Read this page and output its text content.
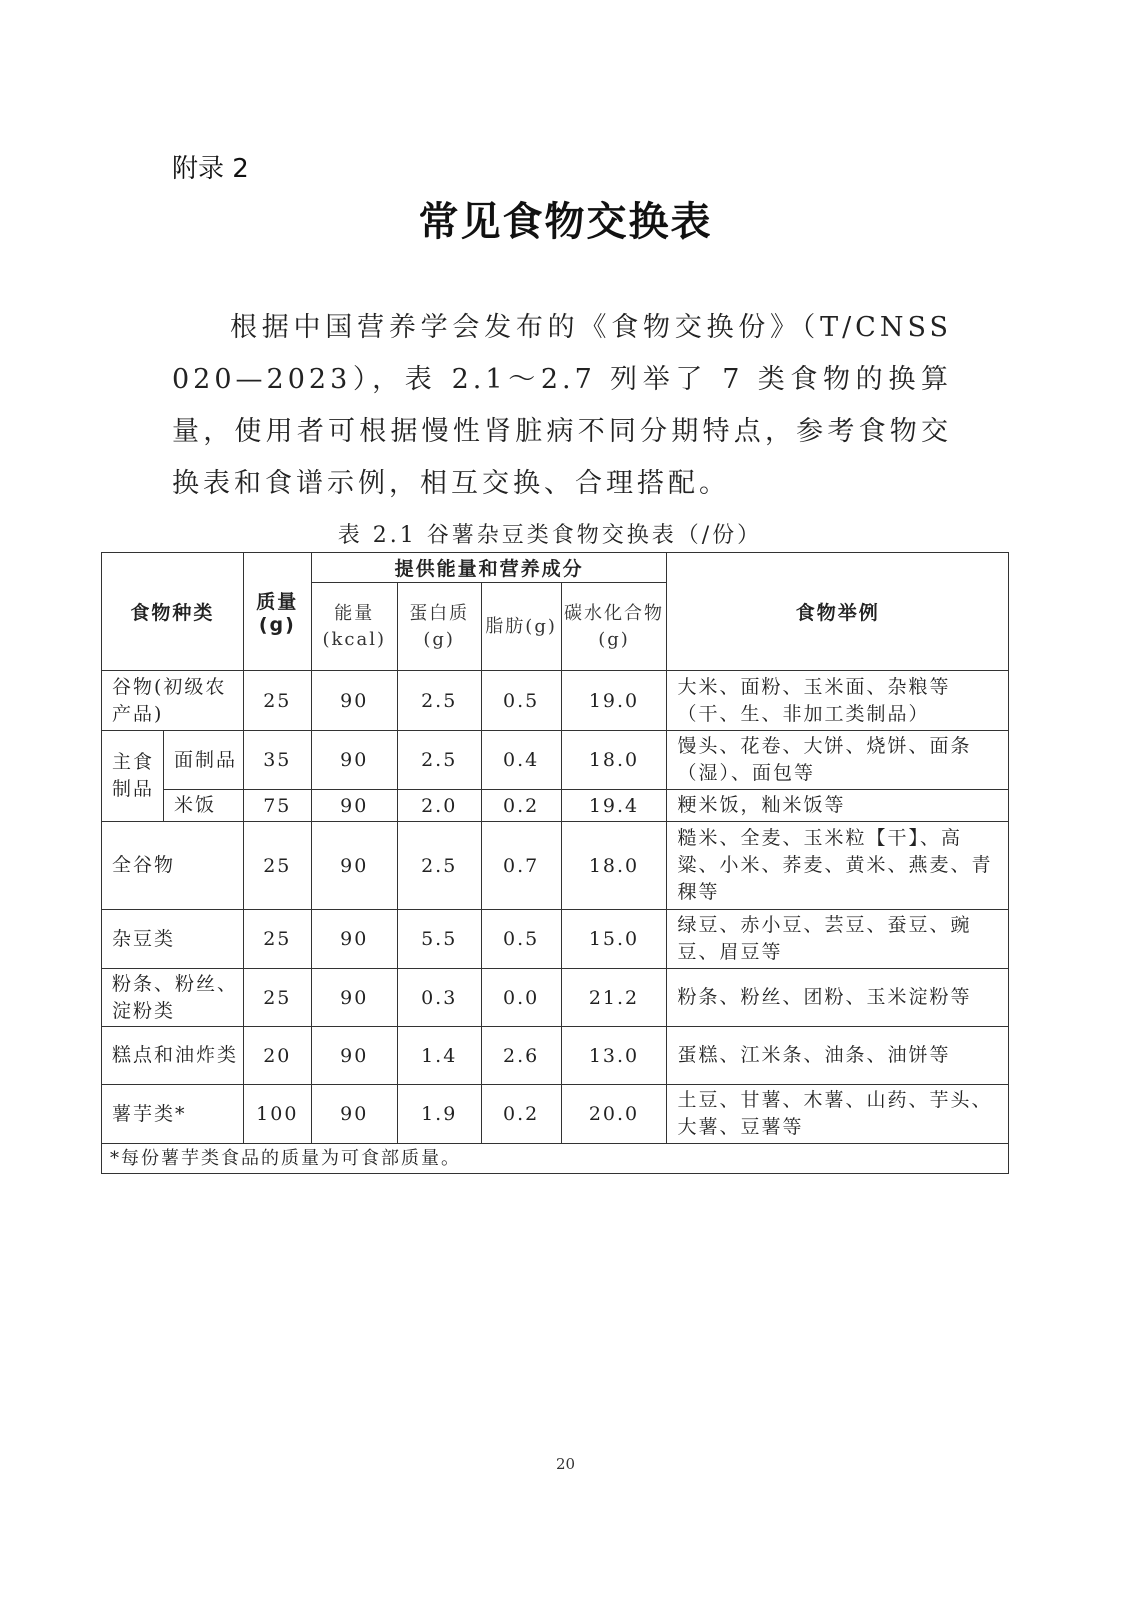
附录 2
常见食物交换表

根据中国营养学会发布的《食物交换份》（T/CNSS 020—2023），表 2.1～2.7 列举了 7 类食物的换算量，使用者可根据慢性肾脏病不同分期特点，参考食物交换表和食谱示例，相互交换、合理搭配。

表 2.1 谷薯杂豆类食物交换表（/份）
食物种类		质量(g)	提供能量和营养成分				食物举例
			能量(kcal)	蛋白质(g)	脂肪(g)	碳水化合物(g)	
谷物(初级农产品)		25	90	2.5	0.5	19.0	大米、面粉、玉米面、杂粮等（干、生、非加工类制品）
主食制品	面制品	35	90	2.5	0.4	18.0	馒头、花卷、大饼、烧饼、面条（湿）、面包等
	米饭	75	90	2.0	0.2	19.4	粳米饭，籼米饭等
全谷物		25	90	2.5	0.7	18.0	糙米、全麦、玉米粒【干】、高粱、小米、荞麦、黄米、燕麦、青稞等
杂豆类		25	90	5.5	0.5	15.0	绿豆、赤小豆、芸豆、蚕豆、豌豆、眉豆等
粉条、粉丝、淀粉类		25	90	0.3	0.0	21.2	粉条、粉丝、团粉、玉米淀粉等
糕点和油炸类		20	90	1.4	2.6	13.0	蛋糕、江米条、油条、油饼等
薯芋类*		100	90	1.9	0.2	20.0	土豆、甘薯、木薯、山药、芋头、大薯、豆薯等
*每份薯芋类食品的质量为可食部质量。							
20
